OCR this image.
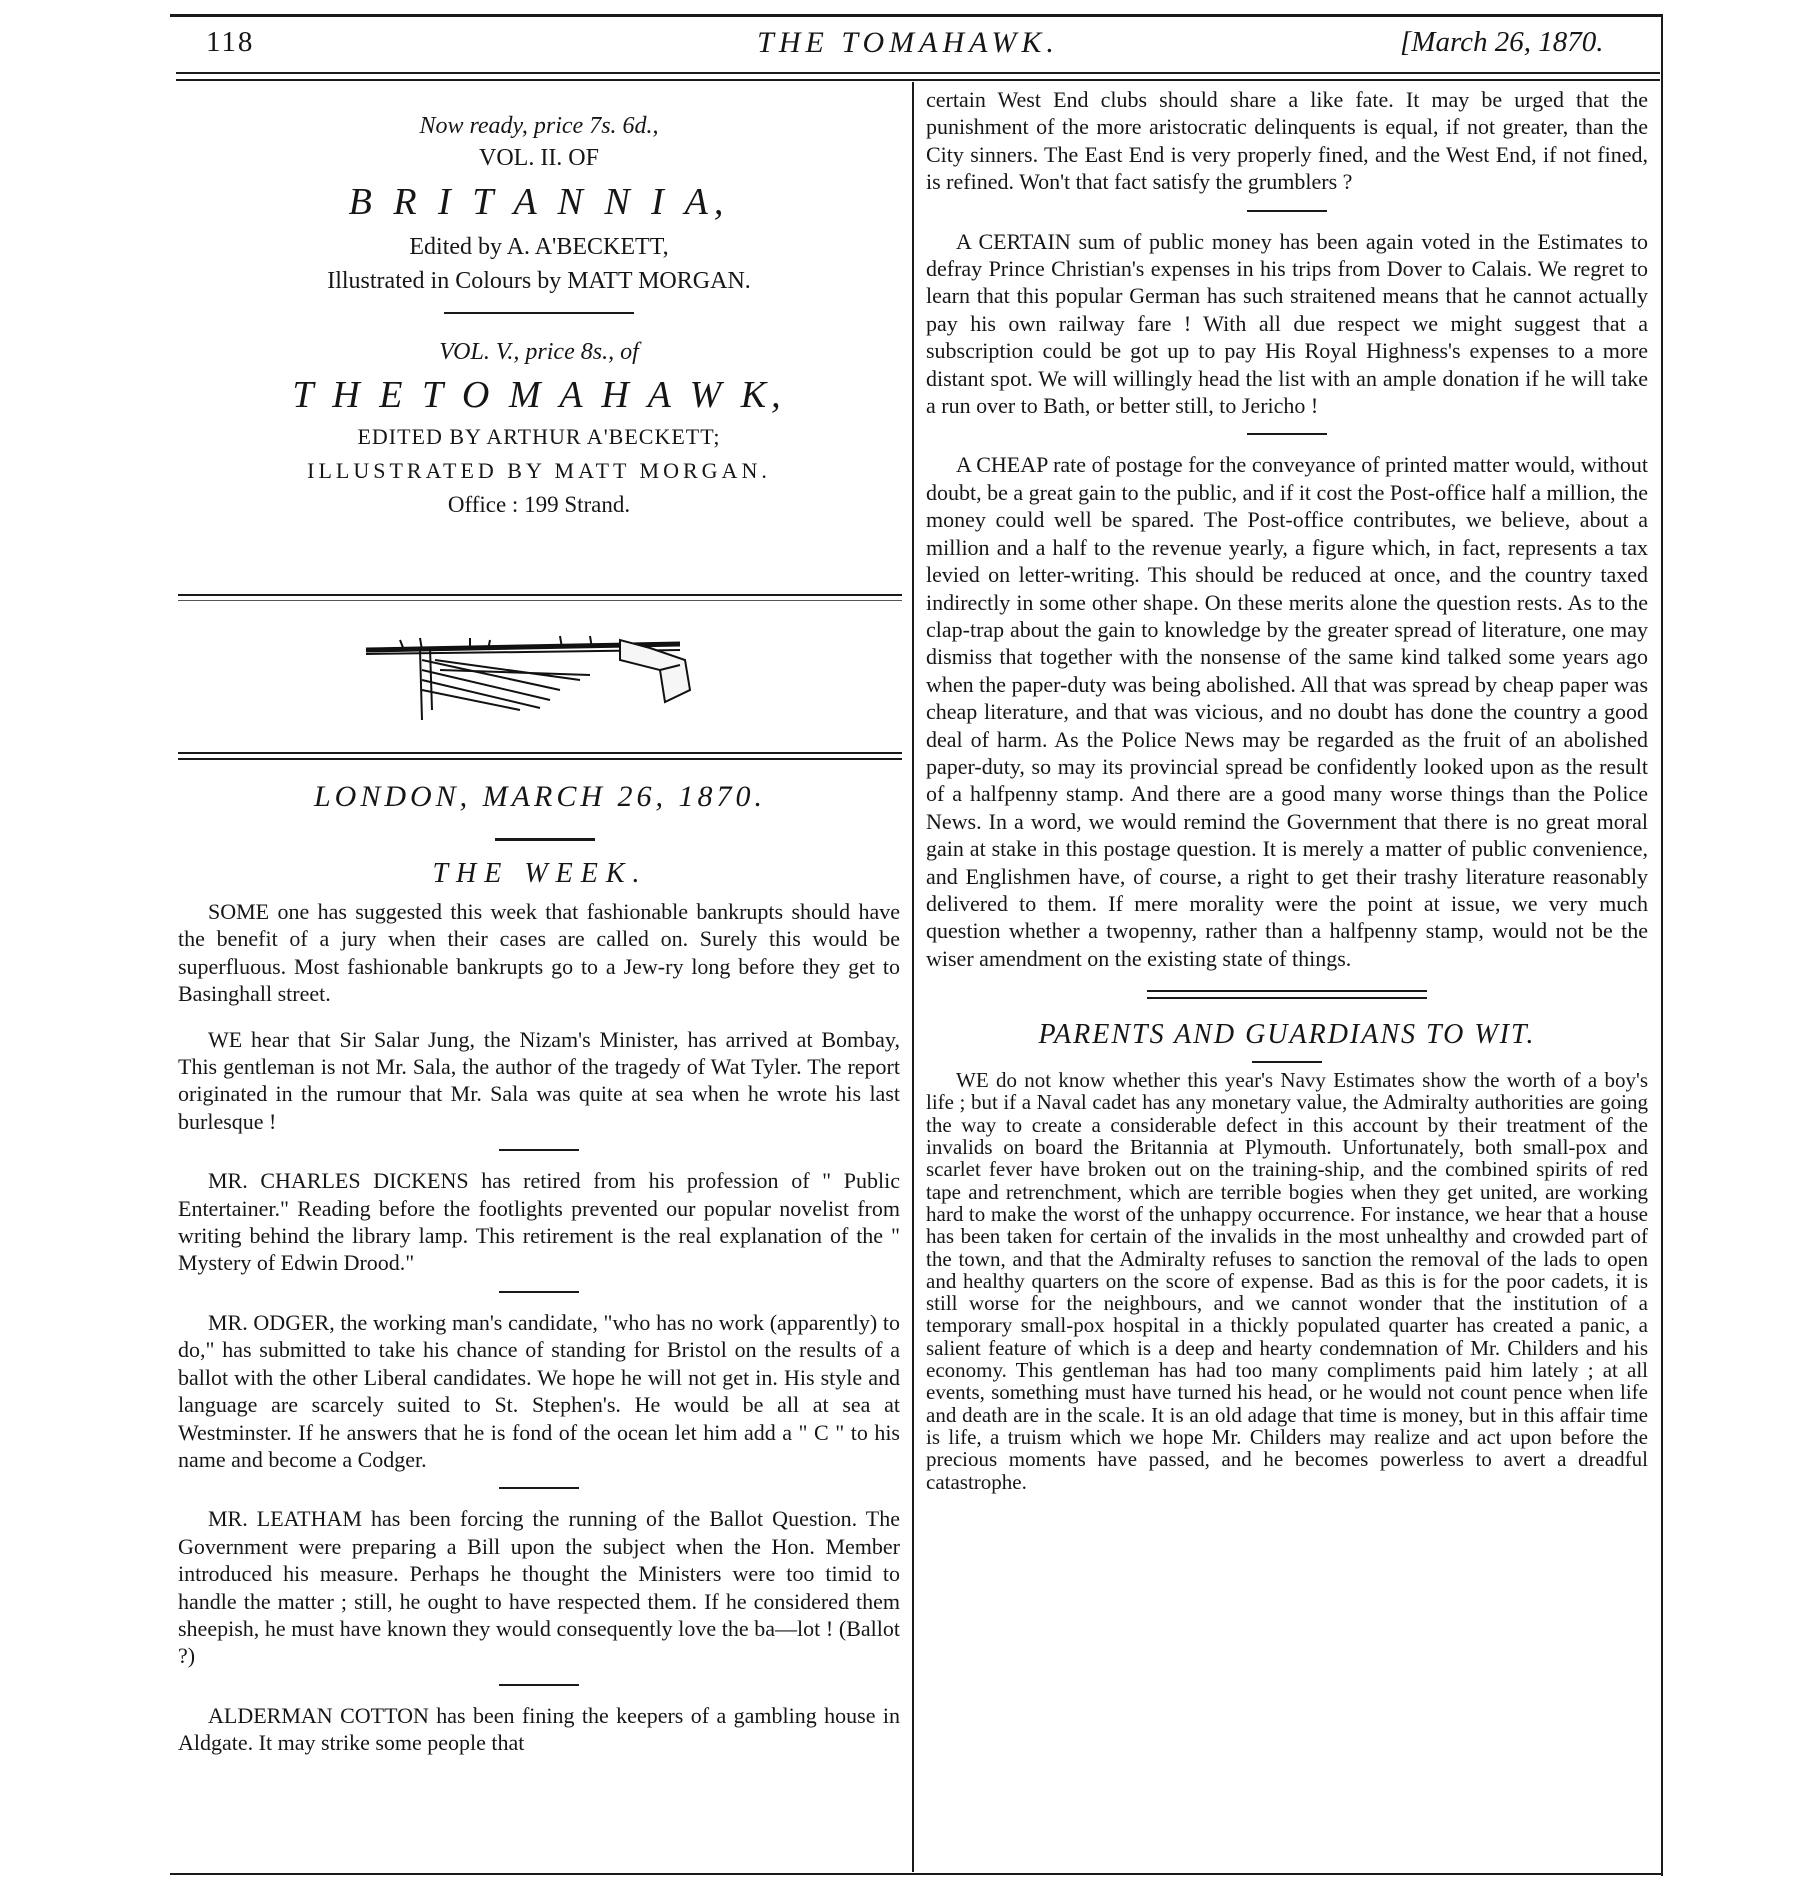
118	THE TOMAHAWK.	[March 26, 1870.

Now ready, price 7s. 6d.,

VOL. II. OF

B R I T A N N I A,

Edited by A. A'BECKETT,

Illustrated in Colours by MATT MORGAN.

VOL. V., price 8s., of

T H E T O M A H A W K,

EDITED BY ARTHUR A'BECKETT;

ILLUSTRATED BY MATT MORGAN.

Office : 199 Strand.

LONDON, MARCH 26, 1870.
THE WEEK.

SOME one has suggested this week that fashionable bankrupts should have the benefit of a jury when their cases are called on. Surely this would be superfluous. Most fashionable bankrupts go to a Jew-ry long before they get to Basinghall street.

WE hear that Sir Salar Jung, the Nizam's Minister, has arrived at Bombay, This gentleman is not Mr. Sala, the author of the tragedy of Wat Tyler. The report originated in the rumour that Mr. Sala was quite at sea when he wrote his last burlesque !

MR. CHARLES DICKENS has retired from his profession of " Public Entertainer." Reading before the footlights prevented our popular novelist from writing behind the library lamp. This retirement is the real explanation of the " Mystery of Edwin Drood."

MR. ODGER, the working man's candidate, "who has no work (apparently) to do," has submitted to take his chance of standing for Bristol on the results of a ballot with the other Liberal candidates. We hope he will not get in. His style and language are scarcely suited to St. Stephen's. He would be all at sea at Westminster. If he answers that he is fond of the ocean let him add a " C " to his name and become a Codger.

MR. LEATHAM has been forcing the running of the Ballot Question. The Government were preparing a Bill upon the subject when the Hon. Member introduced his measure. Perhaps he thought the Ministers were too timid to handle the matter ; still, he ought to have respected them. If he considered them sheepish, he must have known they would consequently love the ba—lot ! (Ballot ?)

ALDERMAN COTTON has been fining the keepers of a gambling house in Aldgate. It may strike some people that

certain West End clubs should share a like fate. It may be urged that the punishment of the more aristocratic delinquents is equal, if not greater, than the City sinners. The East End is very properly fined, and the West End, if not fined, is refined. Won't that fact satisfy the grumblers ?

A CERTAIN sum of public money has been again voted in the Estimates to defray Prince Christian's expenses in his trips from Dover to Calais. We regret to learn that this popular German has such straitened means that he cannot actually pay his own railway fare ! With all due respect we might suggest that a subscription could be got up to pay His Royal Highness's expenses to a more distant spot. We will willingly head the list with an ample donation if he will take a run over to Bath, or better still, to Jericho !

A CHEAP rate of postage for the conveyance of printed matter would, without doubt, be a great gain to the public, and if it cost the Post-office half a million, the money could well be spared. The Post-office contributes, we believe, about a million and a half to the revenue yearly, a figure which, in fact, represents a tax levied on letter-writing. This should be reduced at once, and the country taxed indirectly in some other shape. On these merits alone the question rests. As to the clap-trap about the gain to knowledge by the greater spread of literature, one may dismiss that together with the nonsense of the same kind talked some years ago when the paper-duty was being abolished. All that was spread by cheap paper was cheap literature, and that was vicious, and no doubt has done the country a good deal of harm. As the Police News may be regarded as the fruit of an abolished paper-duty, so may its provincial spread be confidently looked upon as the result of a halfpenny stamp. And there are a good many worse things than the Police News. In a word, we would remind the Government that there is no great moral gain at stake in this postage question. It is merely a matter of public convenience, and Englishmen have, of course, a right to get their trashy literature reasonably delivered to them. If mere morality were the point at issue, we very much question whether a twopenny, rather than a halfpenny stamp, would not be the wiser amendment on the existing state of things.

PARENTS AND GUARDIANS TO WIT.

WE do not know whether this year's Navy Estimates show the worth of a boy's life ; but if a Naval cadet has any monetary value, the Admiralty authorities are going the way to create a considerable defect in this account by their treatment of the invalids on board the Britannia at Plymouth. Unfortunately, both small-pox and scarlet fever have broken out on the training-ship, and the combined spirits of red tape and retrenchment, which are terrible bogies when they get united, are working hard to make the worst of the unhappy occurrence. For instance, we hear that a house has been taken for certain of the invalids in the most unhealthy and crowded part of the town, and that the Admiralty refuses to sanction the removal of the lads to open and healthy quarters on the score of expense. Bad as this is for the poor cadets, it is still worse for the neighbours, and we cannot wonder that the institution of a temporary small-pox hospital in a thickly populated quarter has created a panic, a salient feature of which is a deep and hearty condemnation of Mr. Childers and his economy. This gentleman has had too many compliments paid him lately ; at all events, something must have turned his head, or he would not count pence when life and death are in the scale. It is an old adage that time is money, but in this affair time is life, a truism which we hope Mr. Childers may realize and act upon before the precious moments have passed, and he becomes powerless to avert a dreadful catastrophe.
